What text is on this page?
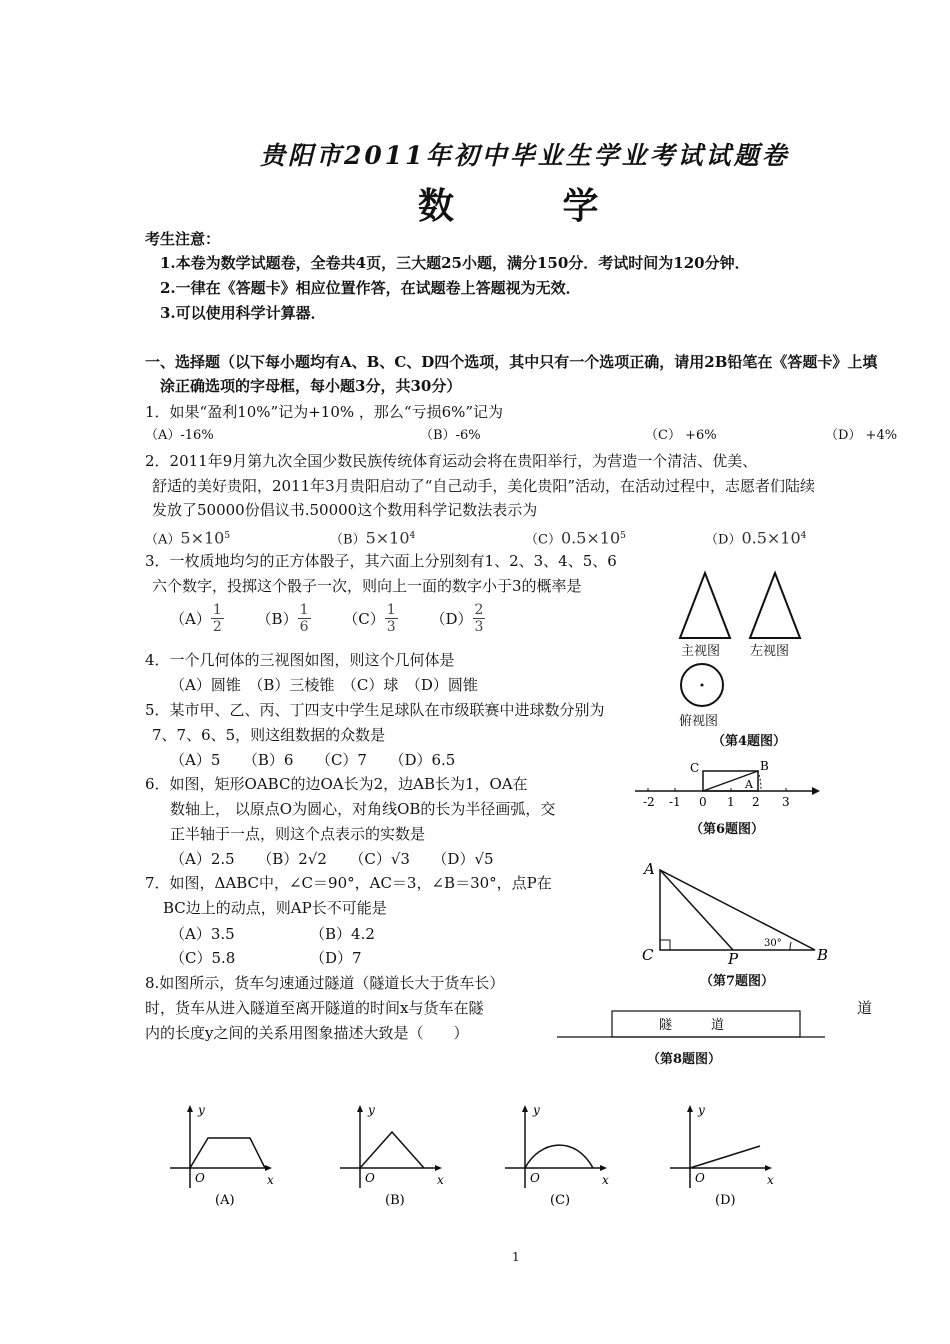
贵阳市2011年初中毕业生学业考试试题卷
数 学
考生注意：
1.本卷为数学试题卷，全卷共4页，三大题25小题，满分150分．考试时间为120分钟．
2.一律在《答题卡》相应位置作答，在试题卷上答题视为无效．
3.可以使用科学计算器．
一、选择题（以下每小题均有A、B、C、D四个选项，其中只有一个选项正确，请用2B铅笔在《答题卡》上填
涂正确选项的字母框，每小题3分，共30分）
1．如果“盈利10%”记为+10% ，那么“亏损6%”记为
（A）-16%	（B）-6%	（C） +6%	（D） +4%
2．2011年9月第九次全国少数民族传统体育运动会将在贵阳举行，为营造一个清洁、优美、
舒适的美好贵阳，2011年3月贵阳启动了“自己动手，美化贵阳”活动，在活动过程中，志愿者们陆续
发放了50000份倡议书.50000这个数用科学记数法表示为
$(A)5\times 10^5$	$(B)5\times 10^4$	$(C)0.5\times 10^5$	$(D)0.5\times 10^4$
3．一枚质地均匀的正方体骰子，其六面上分别刻有1、2、3、4、5、6
六个数字，投掷这个骰子一次，则向上一面的数字小于3的概率是
$(A) \frac{1}{2} (B) \frac{1}{6} (C) \frac{1}{3} (D) \frac{2}{3}$
4．一个几何体的三视图如图，则这个几何体是
（A）圆锥　（B）三棱锥　（C）球　（D）圆锥
主视图 左视图
俯视图
（第4题图）
5．某市甲、乙、丙、丁四支中学生足球队在市级联赛中进球数分别为
7、7、6、5，则这组数据的众数是
（A）5　　（B）6　　（C）7　　（D）6.5
6．如图，矩形OABC的边OA长为2，边AB长为1，OA在
数轴上， 以原点O为圆心，对角线OB的长为半径画弧，交
正半轴于一点，则这个点表示的实数是
（A）2.5　　（B）2√2　　（C）√3　　（D）√5
C	B
A
-2 -1 0 1 2 3
（第6题图）
7．如图，ΔABC中，∠C＝90°，AC＝3，∠B＝30°，点P在
BC边上的动点，则AP长不可能是
（A）3.5	（B）4.2
（C）5.8	（D）7
A
C	P	B
30°
（第7题图）
8.如图所示，货车匀速通过隧道（隧道长大于货车长）
时，货车从进入隧道至离开隧道的时间x与货车在隧	道
内的长度y之间的关系用图象描述大致是（　　）	隧　　　道
（第8题图）
y
x
O
(A)
y
x
O
(B)
y
x
O
(C)
y
x
O
(D)
1
